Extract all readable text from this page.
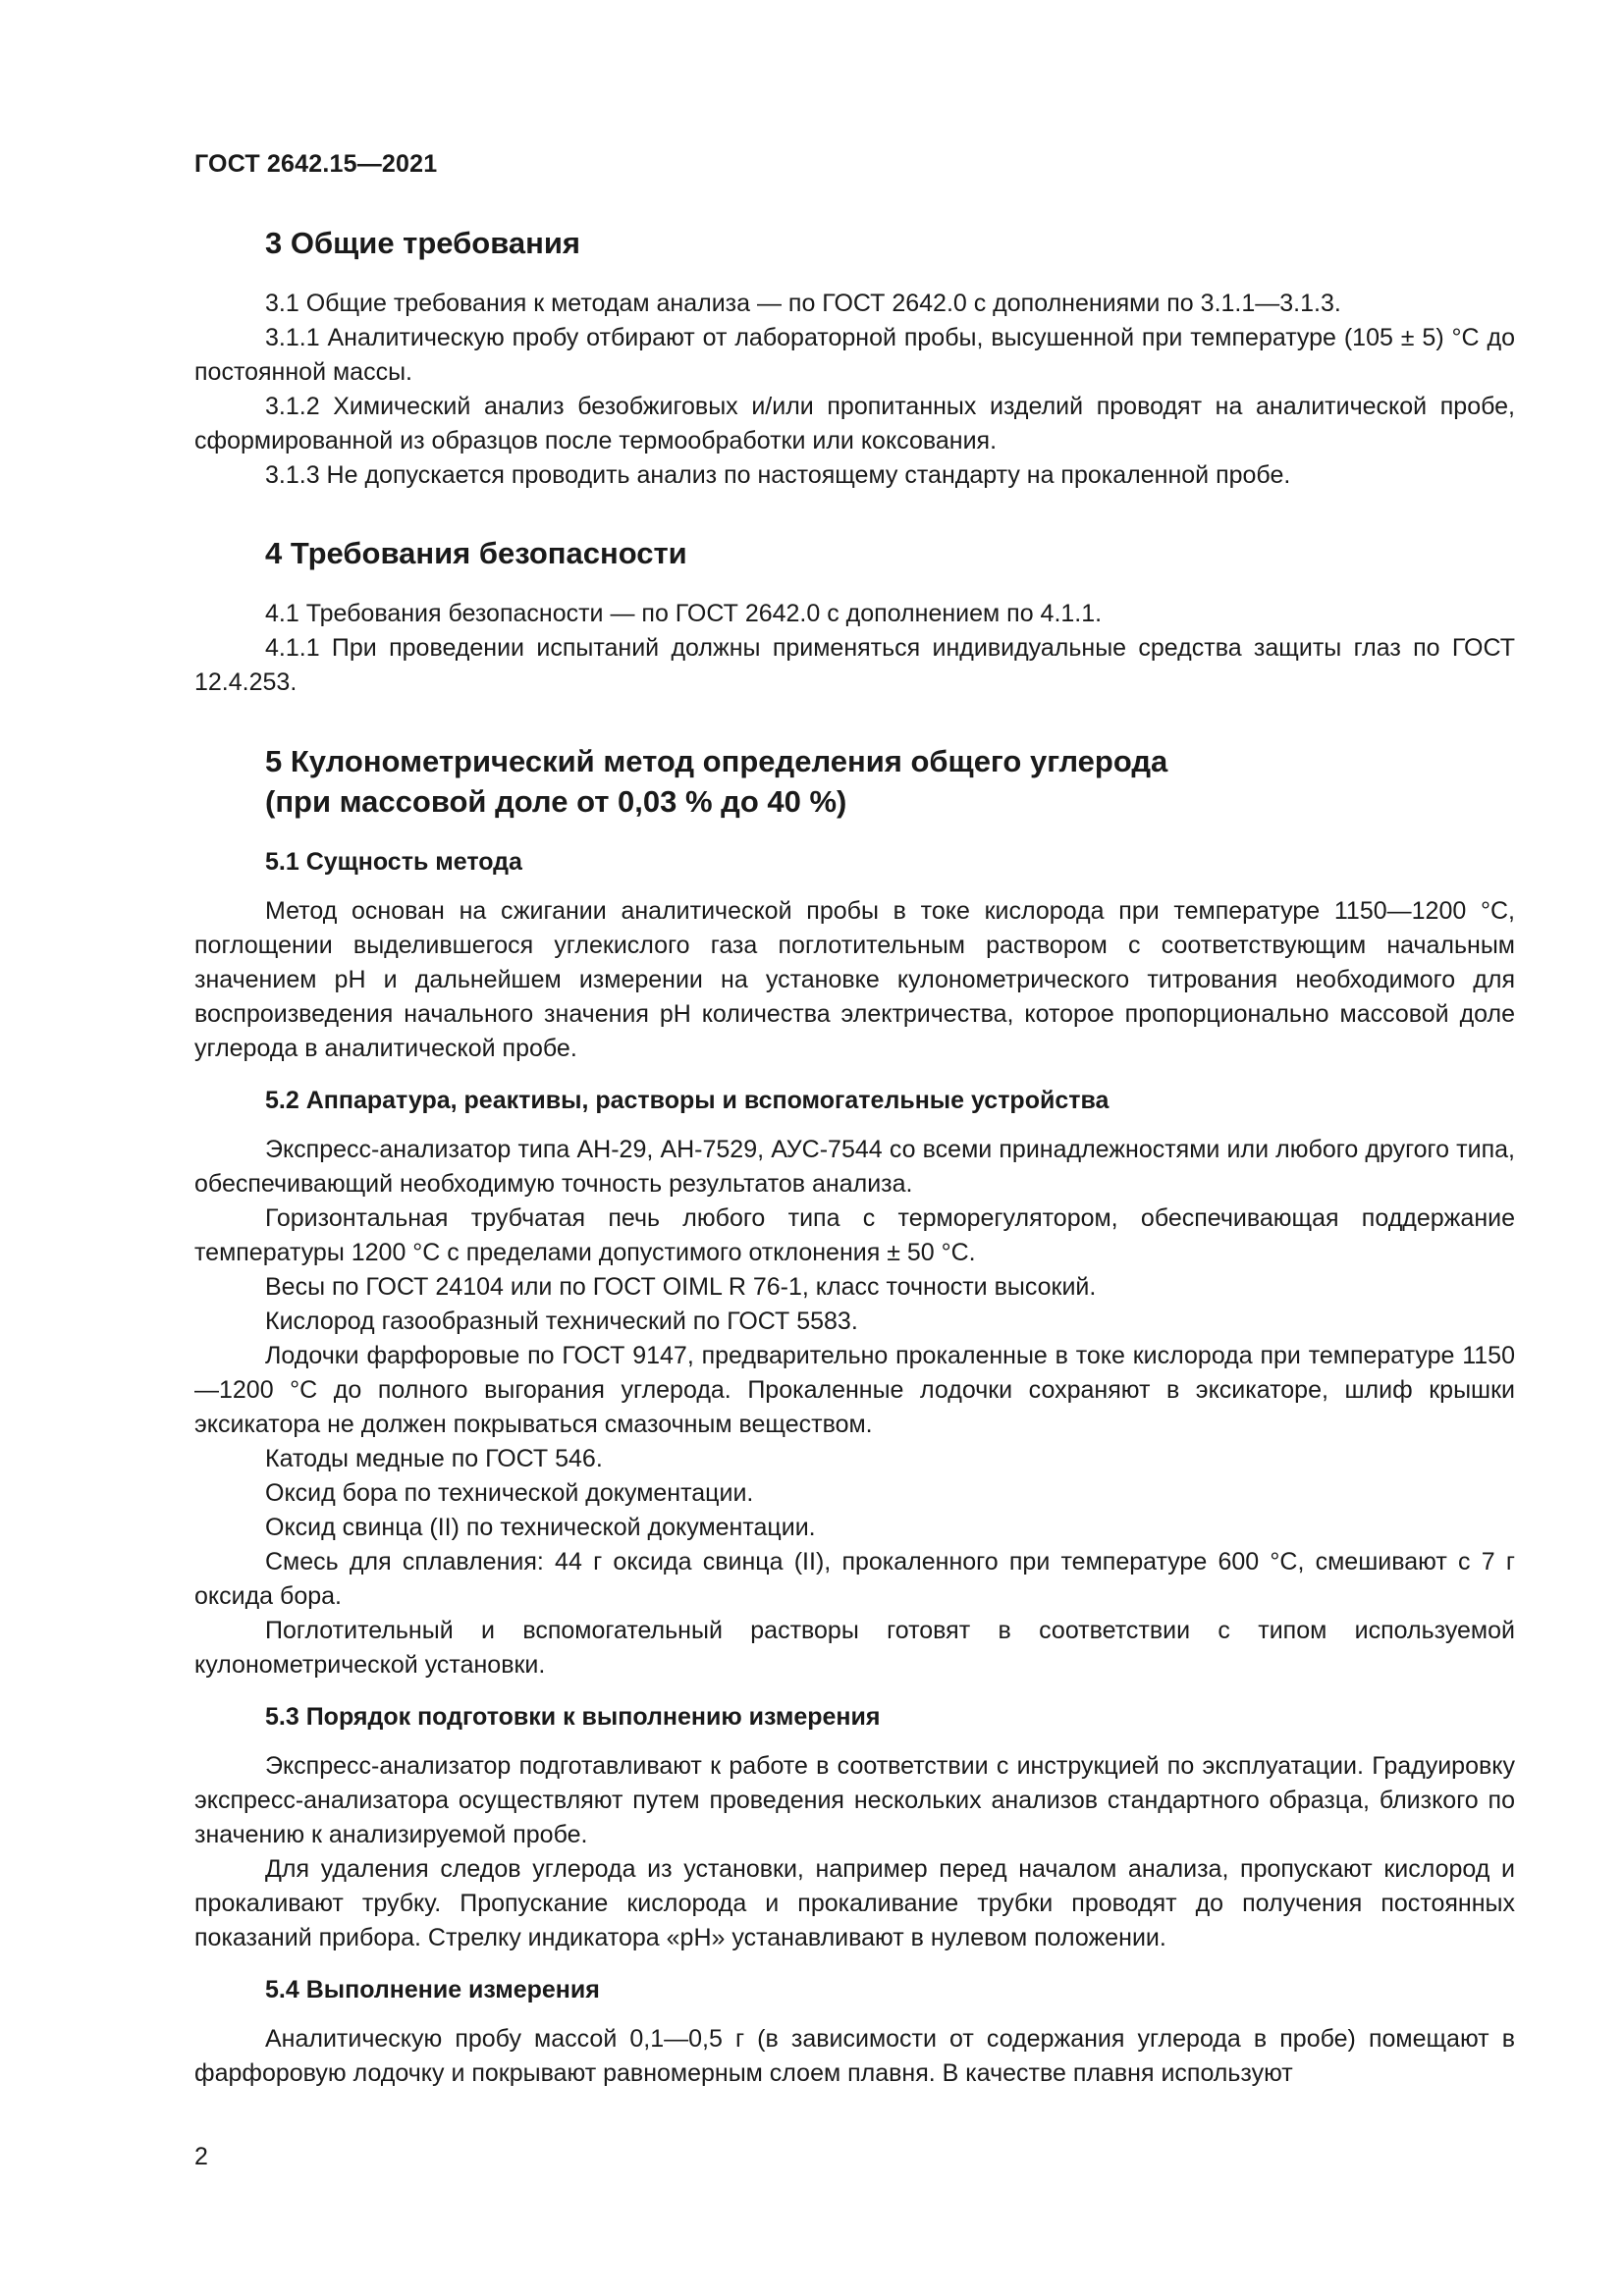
ГОСТ 2642.15—2021
3 Общие требования

3.1 Общие требования к методам анализа — по ГОСТ 2642.0 с дополнениями по 3.1.1—3.1.3.

3.1.1 Аналитическую пробу отбирают от лабораторной пробы, высушенной при температуре (105 ± 5) °С до постоянной массы.

3.1.2 Химический анализ безобжиговых и/или пропитанных изделий проводят на аналитической пробе, сформированной из образцов после термообработки или коксования.

3.1.3 Не допускается проводить анализ по настоящему стандарту на прокаленной пробе.

4 Требования безопасности

4.1 Требования безопасности — по ГОСТ 2642.0 с дополнением по 4.1.1.

4.1.1 При проведении испытаний должны применяться индивидуальные средства защиты глаз по ГОСТ 12.4.253.

5 Кулонометрический метод определения общего углерода
(при массовой доле от 0,03 % до 40 %)
5.1 Сущность метода

Метод основан на сжигании аналитической пробы в токе кислорода при температуре 1150—1200 °С, поглощении выделившегося углекислого газа поглотительным раствором с соответствующим начальным значением рН и дальнейшем измерении на установке кулонометрического титрования необходимого для воспроизведения начального значения рН количества электричества, которое пропорционально массовой доле углерода в аналитической пробе.

5.2 Аппаратура, реактивы, растворы и вспомогательные устройства

Экспресс-анализатор типа АН-29, АН-7529, АУС-7544 со всеми принадлежностями или любого другого типа, обеспечивающий необходимую точность результатов анализа.

Горизонтальная трубчатая печь любого типа с терморегулятором, обеспечивающая поддержание температуры 1200 °С с пределами допустимого отклонения ± 50 °С.

Весы по ГОСТ 24104 или по ГОСТ OIML R 76-1, класс точности высокий.

Кислород газообразный технический по ГОСТ 5583.

Лодочки фарфоровые по ГОСТ 9147, предварительно прокаленные в токе кислорода при температуре 1150—1200 °С до полного выгорания углерода. Прокаленные лодочки сохраняют в эксикаторе, шлиф крышки эксикатора не должен покрываться смазочным веществом.

Катоды медные по ГОСТ 546.

Оксид бора по технической документации.

Оксид свинца (II) по технической документации.

Смесь для сплавления: 44 г оксида свинца (II), прокаленного при температуре 600 °С, смешивают с 7 г оксида бора.

Поглотительный и вспомогательный растворы готовят в соответствии с типом используемой кулонометрической установки.

5.3 Порядок подготовки к выполнению измерения

Экспресс-анализатор подготавливают к работе в соответствии с инструкцией по эксплуатации. Градуировку экспресс-анализатора осуществляют путем проведения нескольких анализов стандартного образца, близкого по значению к анализируемой пробе.

Для удаления следов углерода из установки, например перед началом анализа, пропускают кислород и прокаливают трубку. Пропускание кислорода и прокаливание трубки проводят до получения постоянных показаний прибора. Стрелку индикатора «рН» устанавливают в нулевом положении.

5.4 Выполнение измерения

Аналитическую пробу массой 0,1—0,5 г (в зависимости от содержания углерода в пробе) помещают в фарфоровую лодочку и покрывают равномерным слоем плавня. В качестве плавня используют

2
